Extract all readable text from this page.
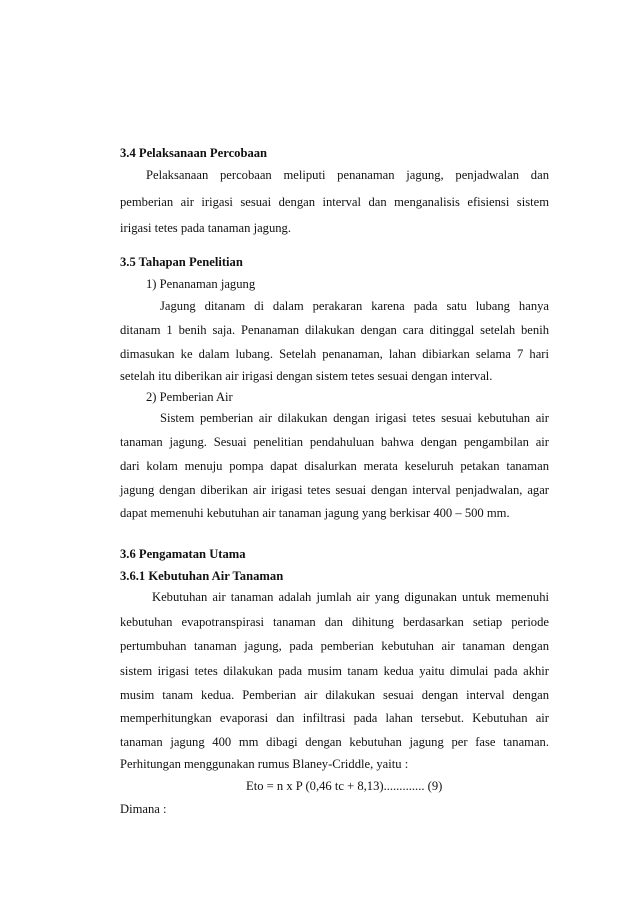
3.4 Pelaksanaan Percobaan
Pelaksanaan percobaan meliputi penanaman jagung, penjadwalan dan
pemberian air irigasi sesuai dengan interval dan menganalisis efisiensi sistem
irigasi tetes pada tanaman jagung.
3.5 Tahapan Penelitian
1) Penanaman jagung
Jagung ditanam di dalam perakaran karena pada satu lubang hanya
ditanam 1 benih saja. Penanaman dilakukan dengan cara ditinggal setelah benih
dimasukan ke dalam lubang. Setelah penanaman, lahan dibiarkan selama 7 hari
setelah itu diberikan air irigasi dengan sistem tetes sesuai dengan interval.
2) Pemberian Air
Sistem pemberian air dilakukan dengan irigasi tetes sesuai kebutuhan air
tanaman jagung. Sesuai penelitian pendahuluan bahwa dengan pengambilan air
dari kolam menuju pompa dapat disalurkan merata keseluruh petakan tanaman
jagung dengan diberikan air irigasi tetes sesuai dengan interval penjadwalan, agar
dapat memenuhi kebutuhan air tanaman jagung yang berkisar 400 – 500 mm.
3.6 Pengamatan Utama
3.6.1 Kebutuhan Air Tanaman
Kebutuhan air tanaman adalah jumlah air yang digunakan untuk memenuhi
kebutuhan evapotranspirasi tanaman dan dihitung berdasarkan setiap periode
pertumbuhan tanaman jagung, pada pemberian kebutuhan air tanaman dengan
sistem irigasi tetes dilakukan pada musim tanam kedua yaitu dimulai pada akhir
musim tanam kedua. Pemberian air dilakukan sesuai dengan interval dengan
memperhitungkan evaporasi dan infiltrasi pada lahan tersebut. Kebutuhan air
tanaman jagung 400 mm dibagi dengan kebutuhan jagung per fase tanaman.
Perhitungan menggunakan rumus Blaney-Criddle, yaitu :
Eto = n x P (0,46 tc + 8,13)............. (9)
Dimana :
